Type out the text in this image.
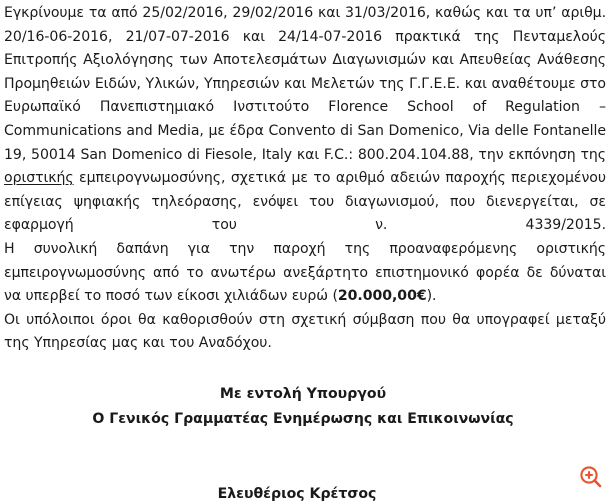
Εγκρίνουμε τα από 25/02/2016, 29/02/2016 και 31/03/2016, καθώς και τα υπ’ αριθμ. 20/16-06-2016, 21/07-07-2016 και 24/14-07-2016 πρακτικά της Πενταμελούς Επιτροπής Αξιολόγησης των Αποτελεσμάτων Διαγωνισμών και Απευθείας Ανάθεσης Προμηθειών Ειδών, Υλικών, Υπηρεσιών και Μελετών της Γ.Γ.Ε.Ε. και αναθέτουμε στο Ευρωπαϊκό Πανεπιστημιακό Ινστιτούτο Florence School of Regulation – Communications and Media, με έδρα Convento di San Domenico, Via delle Fontanelle 19, 50014 San Domenico di Fiesole, Italy και F.C.: 800.204.104.88, την εκπόνηση της οριστικής εμπειρογνωμοσύνης, σχετικά με το αριθμό αδειών παροχής περιεχομένου επίγειας ψηφιακής τηλεόρασης, ενόψει του διαγωνισμού, που διενεργείται, σε εφαρμογή του ν. 4339/2015.

Η συνολική δαπάνη για την παροχή της προαναφερόμενης οριστικής εμπειρογνωμοσύνης από το ανωτέρω ανεξάρτητο επιστημονικό φορέα δε δύναται να υπερβεί το ποσό των είκοσι χιλιάδων ευρώ (20.000,00€).

Οι υπόλοιποι όροι θα καθορισθούν στη σχετική σύμβαση που θα υπογραφεί μεταξύ της Υπηρεσίας μας και του Αναδόχου.

Με εντολή Υπουργού
Ο Γενικός Γραμματέας Ενημέρωσης και Επικοινωνίας
Ελευθέριος Κρέτσος
